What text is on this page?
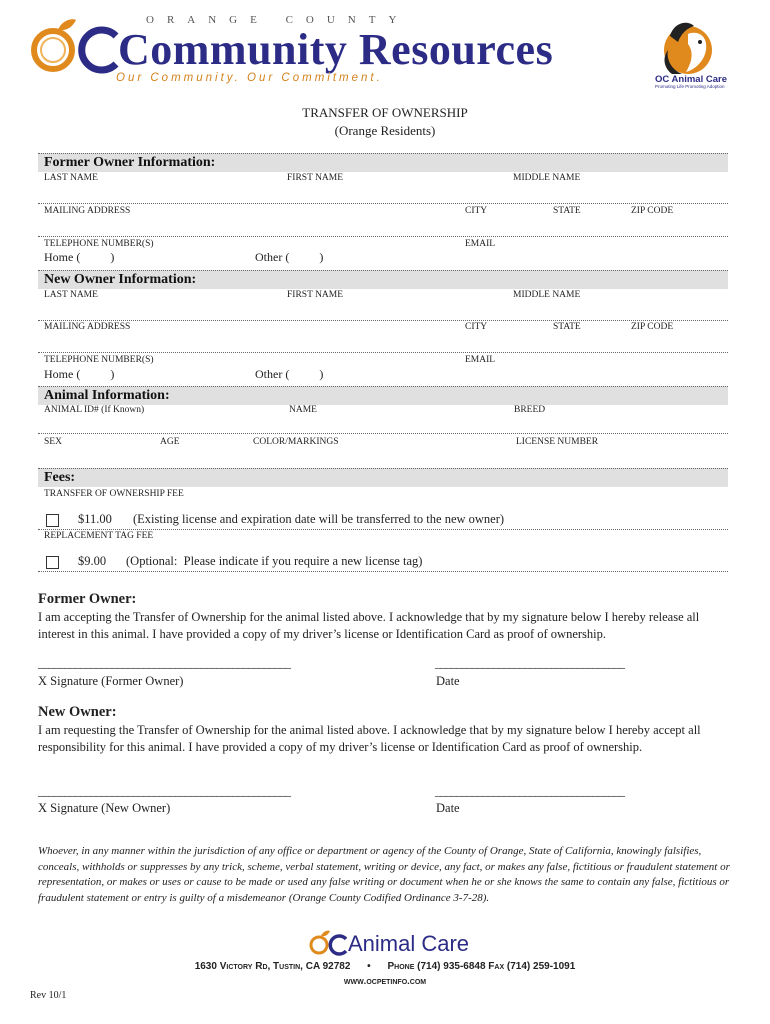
ORANGE COUNTY
Community Resources
Our Community. Our Commitment.	OC Animal Care
Promoting Life Promoting Adoption
TRANSFER OF OWNERSHIP
(Orange Residents)
Former Owner Information:
LAST NAME	FIRST NAME	MIDDLE NAME
MAILING ADDRESS	CITY	STATE	ZIP CODE
TELEPHONE NUMBER(S)	EMAIL
Home (          )	Other (          )
New Owner Information:
LAST NAME	FIRST NAME	MIDDLE NAME
MAILING ADDRESS	CITY	STATE	ZIP CODE
TELEPHONE NUMBER(S)	EMAIL
Home (          )	Other (          )
Animal Information:
ANIMAL ID# (If Known)	NAME	BREED
SEX	AGE	COLOR/MARKINGS	LICENSE NUMBER
Fees:
TRANSFER OF OWNERSHIP FEE
$11.00 (Existing license and expiration date will be transferred to the new owner)
REPLACEMENT TAG FEE
$9.00 (Optional:  Please indicate if you require a new license tag)
Former Owner:
I am accepting the Transfer of Ownership for the animal listed above. I acknowledge that by my signature below I hereby release all interest in this animal. I have provided a copy of my driver’s license or Identification Card as proof of ownership.
________________________________________________	____________________________________
X Signature (Former Owner)	Date
New Owner:
I am requesting the Transfer of Ownership for the animal listed above. I acknowledge that by my signature below I hereby accept all responsibility for this animal. I have provided a copy of my driver’s license or Identification Card as proof of ownership.
________________________________________________	____________________________________
X Signature (New Owner)	Date
Whoever, in any manner within the jurisdiction of any office or department or agency of the County of Orange, State of California, knowingly falsifies, conceals, withholds or suppresses by any trick, scheme, verbal statement, writing or device, any fact, or makes any false, fictitious or fraudulent statement or representation, or makes or uses or cause to be made or used any false writing or document when he or she knows the same to contain any false, fictitious or fraudulent statement or entry is guilty of a misdemeanor (Orange County Codified Ordinance 3-7-28).
Animal Care
1630 Victory Rd, Tustin, CA 92782 • Phone (714) 935-6848 Fax (714) 259-1091
www.ocpetinfo.com
Rev 10/1
